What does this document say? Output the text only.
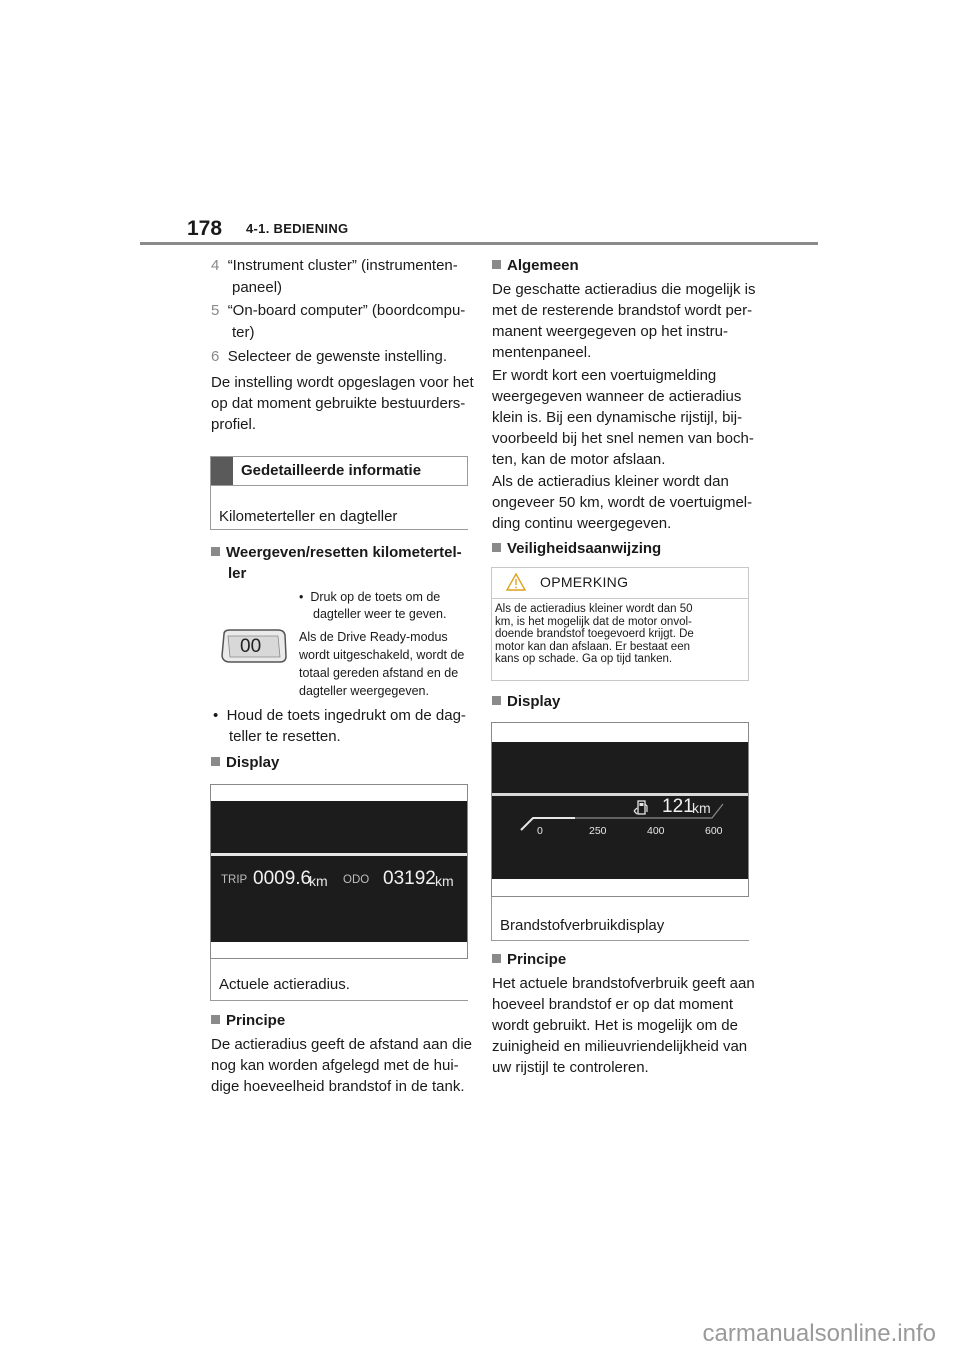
178 4-1. BEDIENING

4 “Instrument cluster” (instrumenten-

paneel)

5 “On-board computer” (boordcompu-

ter)

6 Selecteer de gewenste instelling.

De instelling wordt opgeslagen voor het

op dat moment gebruikte bestuurders-

profiel.

Gedetailleerde informatie
Kilometerteller en dagteller

Weergeven/resetten kilometertel-

ler

00
•  Druk op de toets om de
dagteller weer te geven.
Als de Drive Ready-modus
wordt uitgeschakeld, wordt de
totaal gereden afstand en de
dagteller weergegeven.

•  Houd de toets ingedrukt om de dag-

teller te resetten.

Display

TRIP 0009.6
km ODO 03192 km
Actuele actieradius.

Principe

De actieradius geeft de afstand aan die

nog kan worden afgelegd met de hui-

dige hoeveelheid brandstof in de tank.

Algemeen

De geschatte actieradius die mogelijk is

met de resterende brandstof wordt per-

manent weergegeven op het instru-

mentenpaneel.

Er wordt kort een voertuigmelding

weergegeven wanneer de actieradius

klein is. Bij een dynamische rijstijl, bij-

voorbeeld bij het snel nemen van boch-

ten, kan de motor afslaan.

Als de actieradius kleiner wordt dan

ongeveer 50 km, wordt de voertuigmel-

ding continu weergegeven.

Veiligheidsaanwijzing

OPMERKING
Als de actieradius kleiner wordt dan 50
km, is het mogelijk dat de motor onvol-
doende brandstof toegevoerd krijgt. De
motor kan dan afslaan. Er bestaat een
kans op schade. Ga op tijd tanken.

Display

121
km
0	250	400	600
Brandstofverbruikdisplay

Principe

Het actuele brandstofverbruik geeft aan

hoeveel brandstof er op dat moment

wordt gebruikt. Het is mogelijk om de

zuinigheid en milieuvriendelijkheid van

uw rijstijl te controleren.

carmanualsonline.info
